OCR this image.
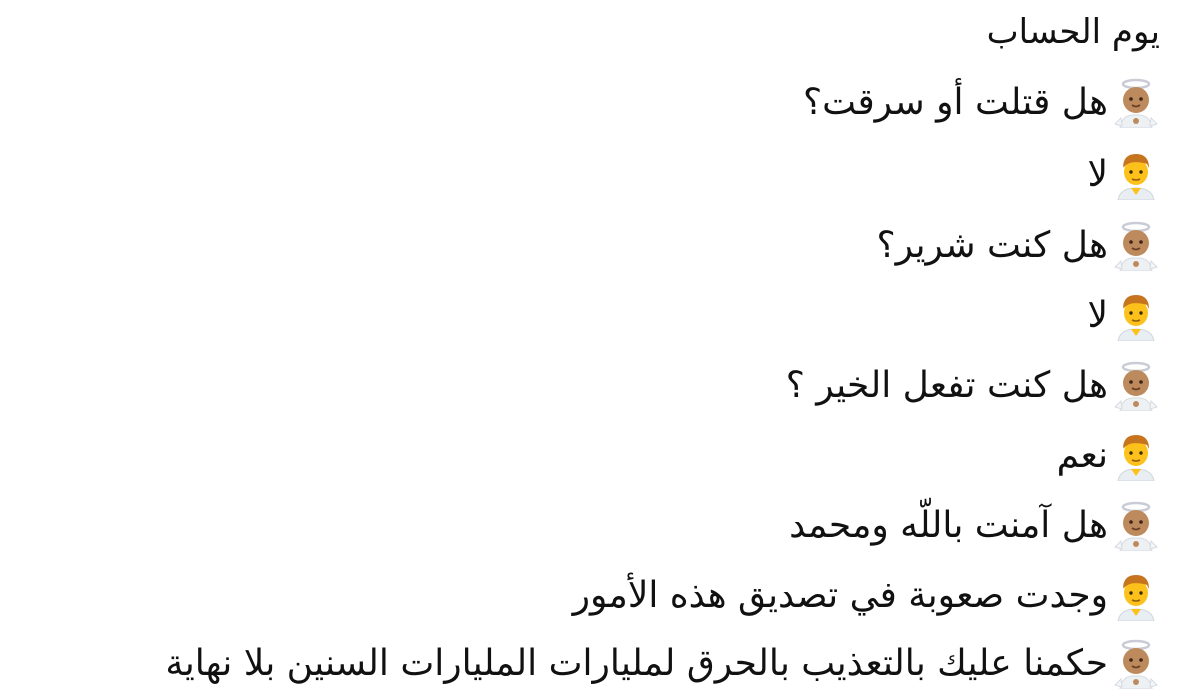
يوم الحساب
هل قتلت أو سرقت؟
لا
هل كنت شرير؟
لا
هل كنت تفعل الخير ؟
نعم
هل آمنت باللّه ومحمد
وجدت صعوبة في تصديق هذه الأمور
حكمنا عليك بالتعذيب بالحرق لمليارات المليارات السنين بلا نهاية
